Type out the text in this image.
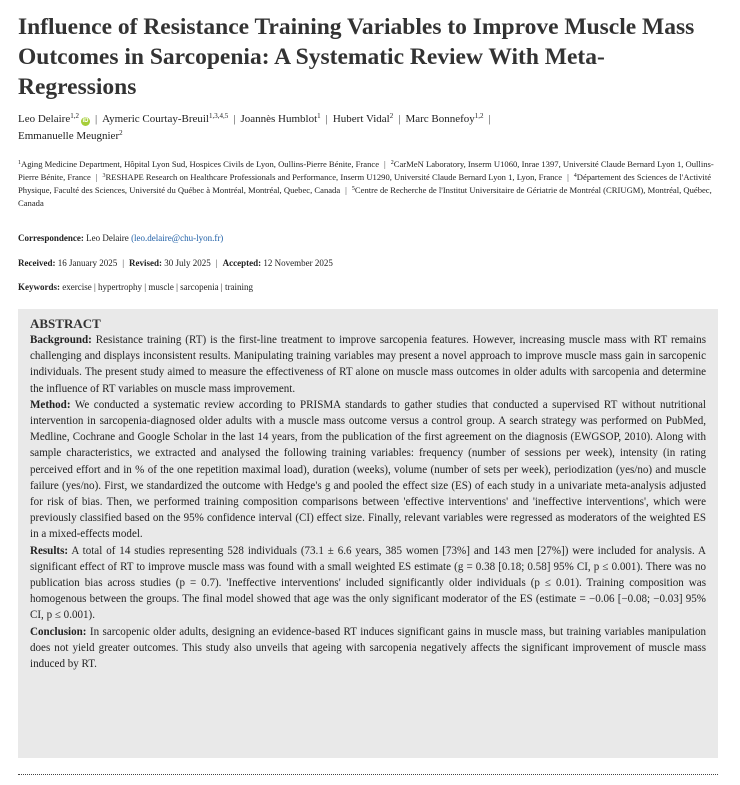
Influence of Resistance Training Variables to Improve Muscle Mass Outcomes in Sarcopenia: A Systematic Review With Meta-Regressions
Leo Delaire$^{1,2}$iD | Aymeric Courtay-Breuil$^{1,3,4,5}$ | Joannès Humblot$^1$ | Hubert Vidal$^2$ | Marc Bonnefoy$^{1,2}$ |
Emmanuelle Meugnier$^2$
$^1$Aging Medicine Department, Hôpital Lyon Sud, Hospices Civils de Lyon, Oullins-Pierre Bénite, France | $^2$CarMeN Laboratory, Inserm U1060, Inrae 1397, Université Claude Bernard Lyon 1, Oullins-Pierre Bénite, France | $^3$RESHAPE Research on Healthcare Professionals and Performance, Inserm U1290, Université Claude Bernard Lyon 1, Lyon, France | $^4$Département des Sciences de l'Activité Physique, Faculté des Sciences, Université du Québec à Montréal, Montréal, Quebec, Canada | $^5$Centre de Recherche de l'Institut Universitaire de Gériatrie de Montréal (CRIUGM), Montréal, Québec, Canada
Correspondence: Leo Delaire (leo.delaire@chu-lyon.fr)
Received: 16 January 2025 | Revised: 30 July 2025 | Accepted: 12 November 2025
Keywords: exercise | hypertrophy | muscle | sarcopenia | training
ABSTRACT

Background: Resistance training (RT) is the first-line treatment to improve sarcopenia features. However, increasing muscle mass with RT remains challenging and displays inconsistent results. Manipulating training variables may present a novel approach to improve muscle mass gain in sarcopenic individuals. The present study aimed to measure the effectiveness of RT alone on muscle mass outcomes in older adults with sarcopenia and determine the influence of RT variables on muscle mass improvement.

Method: We conducted a systematic review according to PRISMA standards to gather studies that conducted a supervised RT without nutritional intervention in sarcopenia-diagnosed older adults with a muscle mass outcome versus a control group. A search strategy was performed on PubMed, Medline, Cochrane and Google Scholar in the last 14 years, from the publication of the first agreement on the diagnosis (EWGSOP, 2010). Along with sample characteristics, we extracted and analysed the following training variables: frequency (number of sessions per week), intensity (in rating perceived effort and in % of the one repetition maximal load), duration (weeks), volume (number of sets per week), periodization (yes/no) and muscle failure (yes/no). First, we standardized the outcome with Hedge's g and pooled the effect size (ES) of each study in a univariate meta-analysis adjusted for risk of bias. Then, we performed training composition comparisons between 'effective interventions' and 'ineffective interventions', which were previously classified based on the 95% confidence interval (CI) effect size. Finally, relevant variables were regressed as moderators of the weighted ES in a mixed-effects model.

Results: A total of 14 studies representing 528 individuals (73.1 ± 6.6 years, 385 women [73%] and 143 men [27%]) were included for analysis. A significant effect of RT to improve muscle mass was found with a small weighted ES estimate (g = 0.38 [0.18; 0.58] 95% CI, p ≤ 0.001). There was no publication bias across studies (p = 0.7). 'Ineffective interventions' included significantly older individuals (p ≤ 0.01). Training composition was homogenous between the groups. The final model showed that age was the only significant moderator of the ES (estimate = −0.06 [−0.08; −0.03] 95% CI, p ≤ 0.001).

Conclusion: In sarcopenic older adults, designing an evidence-based RT induces significant gains in muscle mass, but training variables manipulation does not yield greater outcomes. This study also unveils that ageing with sarcopenia negatively affects the significant improvement of muscle mass induced by RT.
